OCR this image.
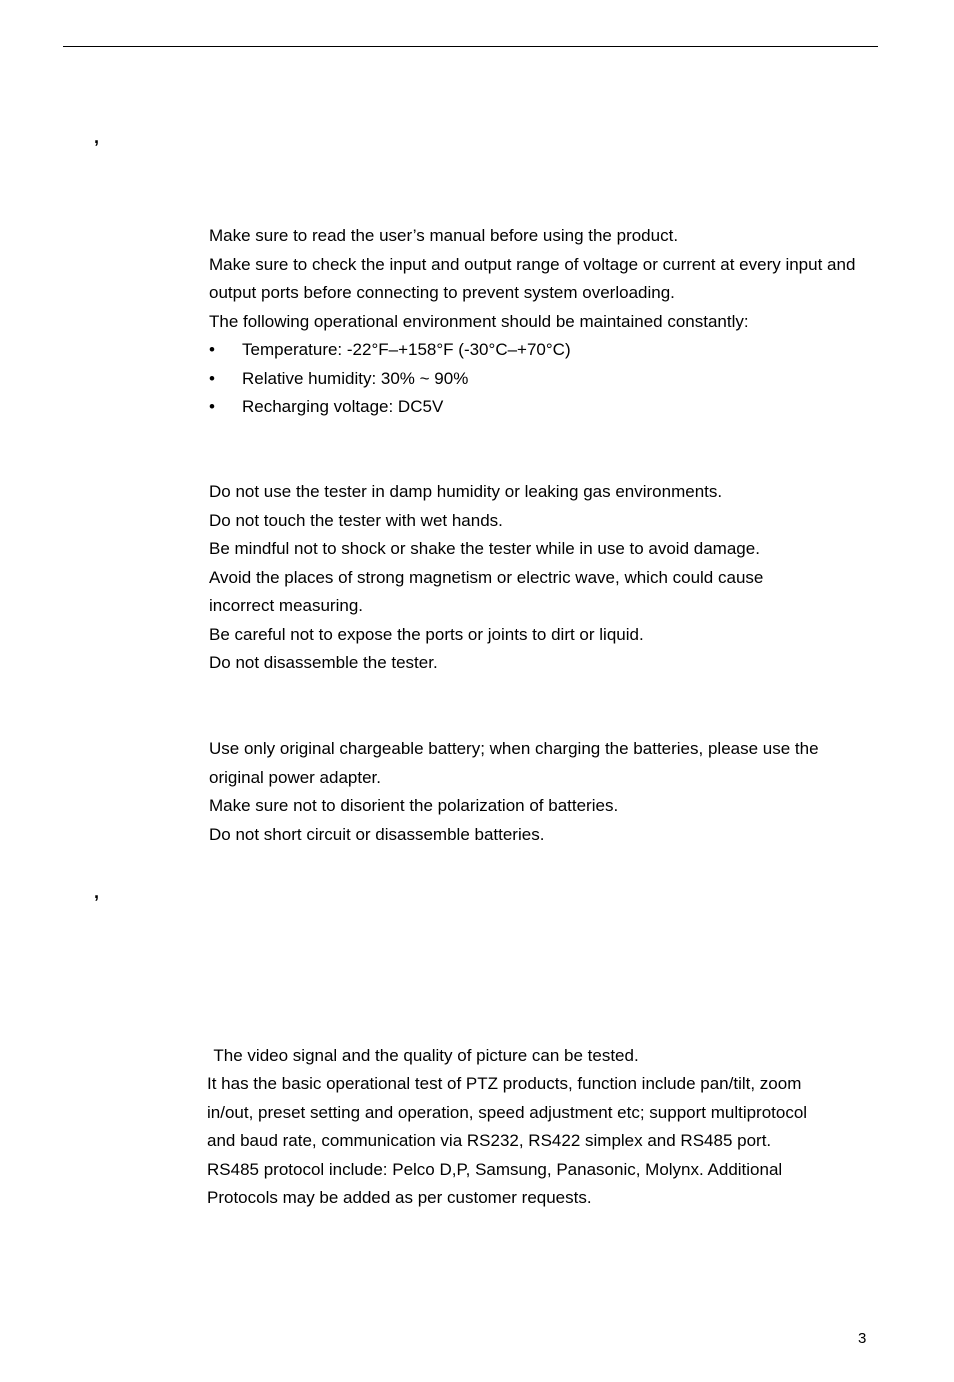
,
Make sure to read the user’s manual before using the product.
Make sure to check the input and output range of voltage or current at every input and
output ports before connecting to prevent system overloading.
The following operational environment should be maintained constantly:
• Temperature: -22°F–+158°F (-30°C–+70°C)
• Relative humidity: 30% ~ 90%
• Recharging voltage: DC5V
Do not use the tester in damp humidity or leaking gas environments.
Do not touch the tester with wet hands.
Be mindful not to shock or shake the tester while in use to avoid damage.
Avoid the places of strong magnetism or electric wave, which could cause
incorrect measuring.
Be careful not to expose the ports or joints to dirt or liquid.
Do not disassemble the tester.
Use only original chargeable battery; when charging the batteries, please use the
original power adapter.
Make sure not to disorient the polarization of batteries.
Do not short circuit or disassemble batteries.
,

The video signal and the quality of picture can be tested.

It has the basic operational test of PTZ products, function include pan/tilt, zoom
in/out, preset setting and operation, speed adjustment etc; support multiprotocol
and baud rate, communication via RS232, RS422 simplex and RS485 port.
RS485 protocol include: Pelco D,P, Samsung, Panasonic, Molynx. Additional
Protocols may be added as per customer requests.
3
